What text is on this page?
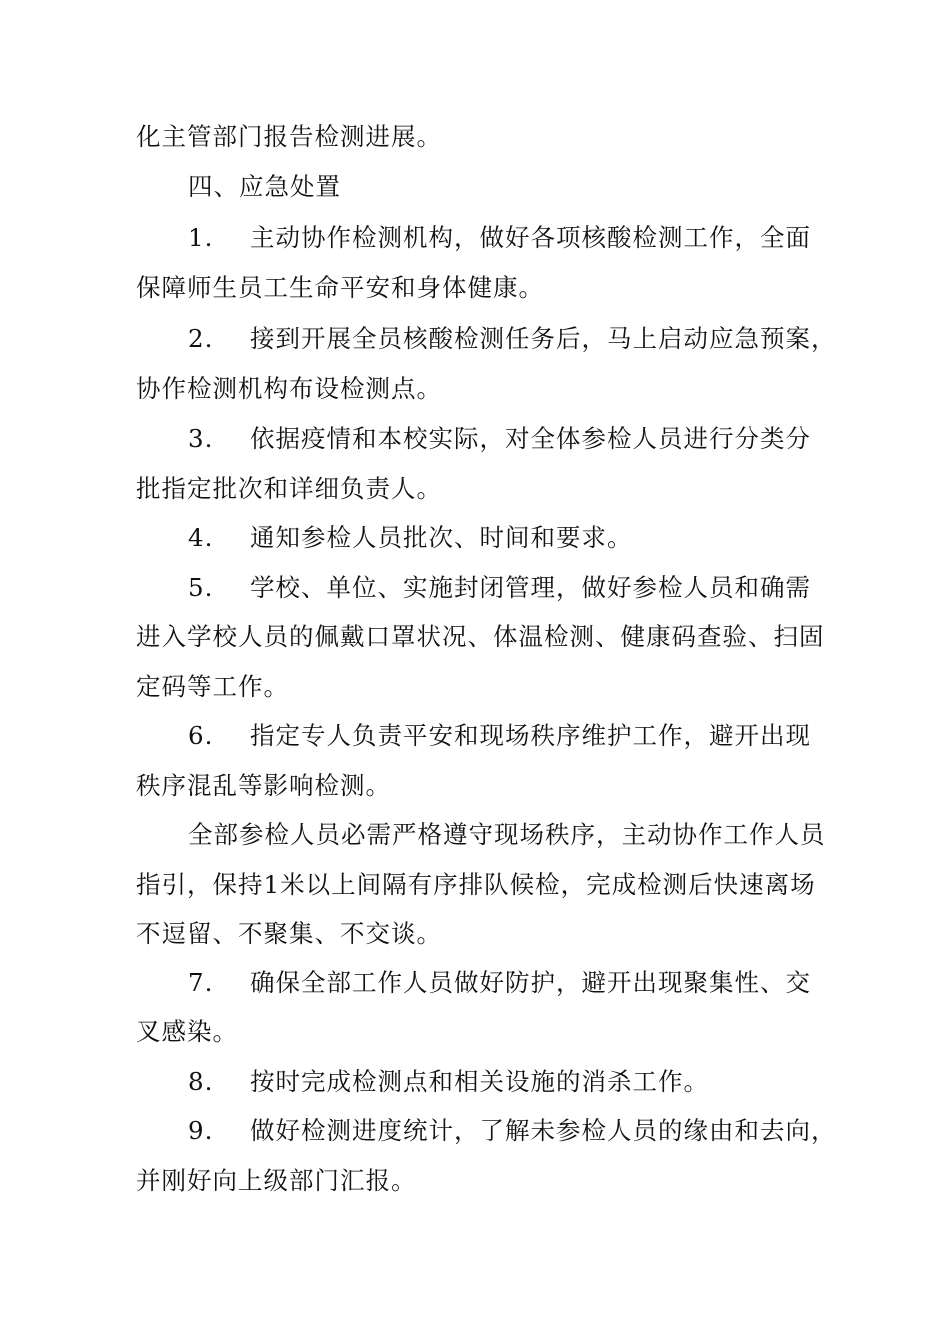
化主管部门报告检测进展。
四、应急处置
1. 主动协作检测机构，做好各项核酸检测工作，全面
保障师生员工生命平安和身体健康。
2. 接到开展全员核酸检测任务后，马上启动应急预案，
协作检测机构布设检测点。
3. 依据疫情和本校实际，对全体参检人员进行分类分
批指定批次和详细负责人。
4. 通知参检人员批次、时间和要求。
5. 学校、单位、实施封闭管理，做好参检人员和确需
进入学校人员的佩戴口罩状况、体温检测、健康码查验、扫固
定码等工作。
6. 指定专人负责平安和现场秩序维护工作，避开出现
秩序混乱等影响检测。
全部参检人员必需严格遵守现场秩序，主动协作工作人员
指引，保持1米以上间隔有序排队候检，完成检测后快速离场
不逗留、不聚集、不交谈。
7. 确保全部工作人员做好防护，避开出现聚集性、交
叉感染。
8. 按时完成检测点和相关设施的消杀工作。
9. 做好检测进度统计，了解未参检人员的缘由和去向，
并刚好向上级部门汇报。
